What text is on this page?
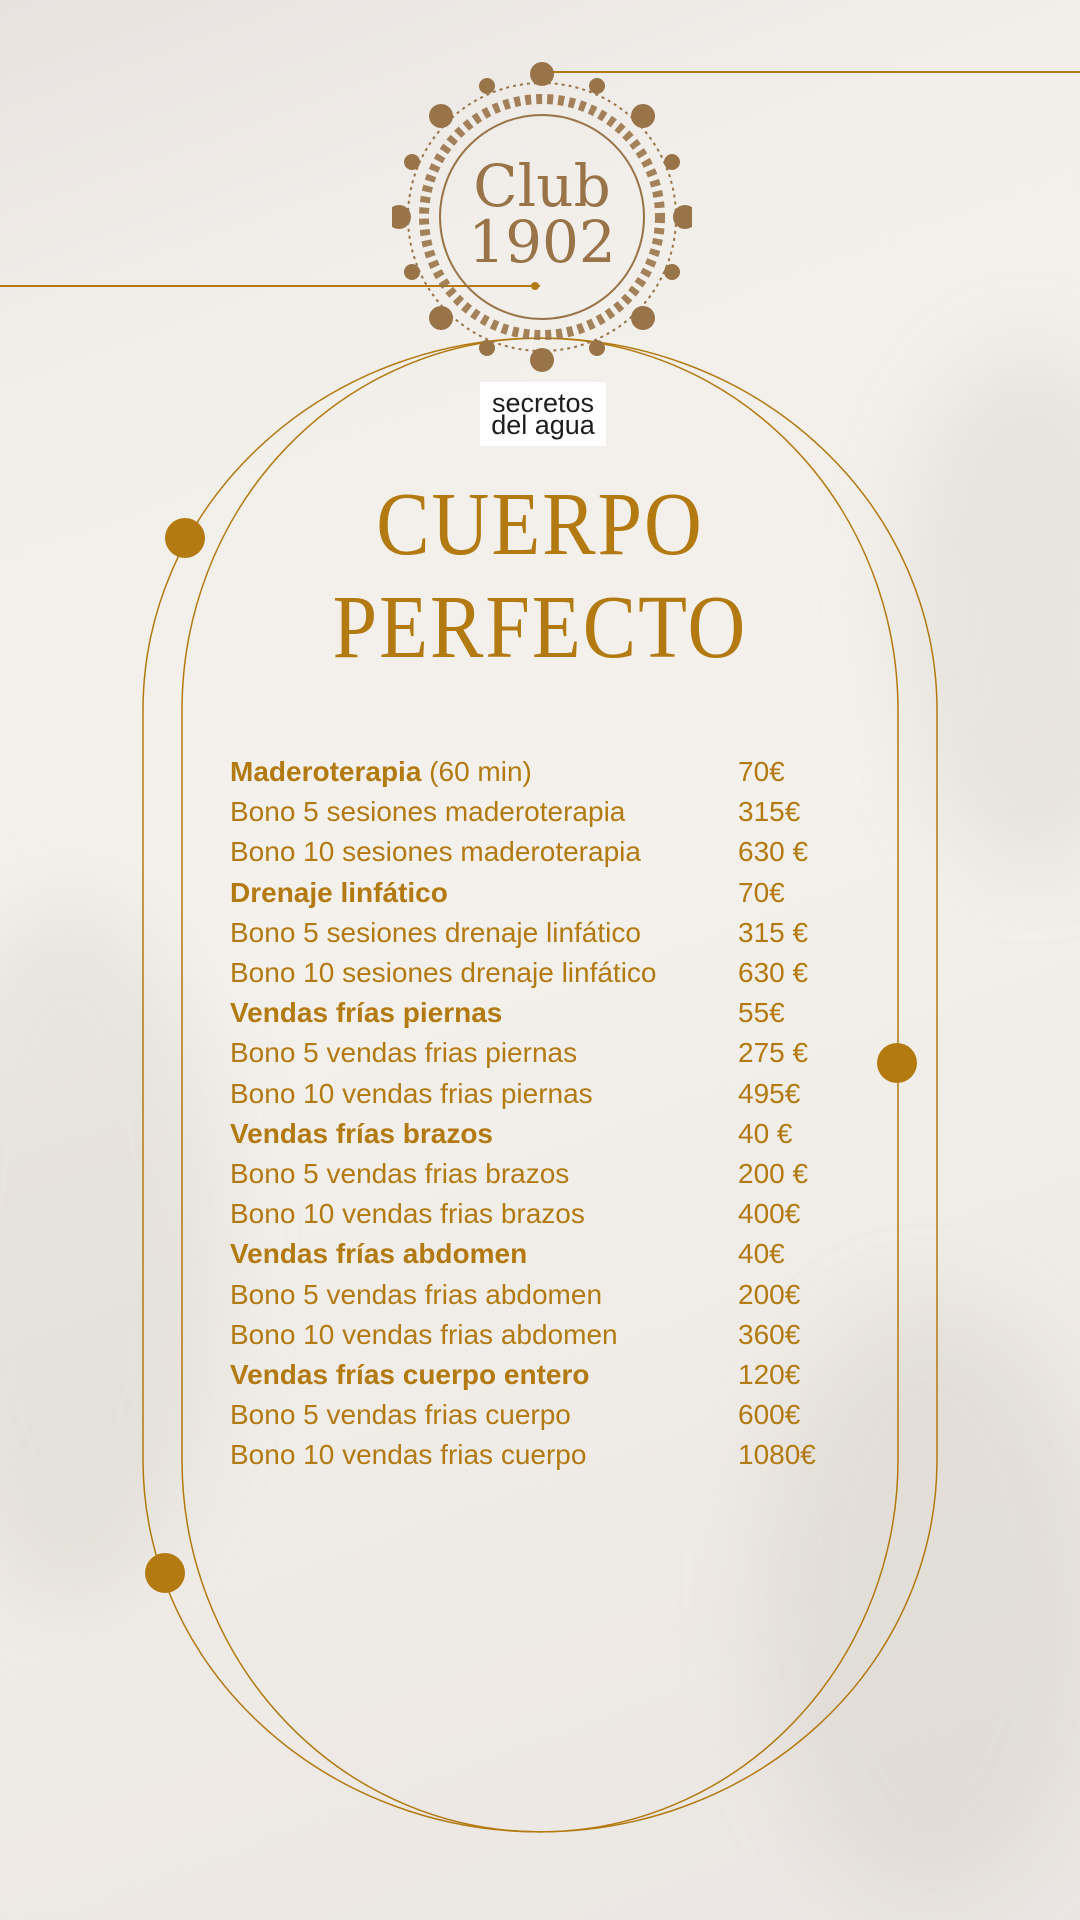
Club
1902
secretos
del agua
CUERPO
PERFECTO
Maderoterapia (60 min)	70€
Bono 5 sesiones maderoterapia	315€
Bono 10 sesiones maderoterapia	630 €
Drenaje linfático	70€
Bono 5 sesiones drenaje linfático	315 €
Bono 10 sesiones drenaje linfático	630 €
Vendas frías piernas	55€
Bono 5 vendas frias piernas	275 €
Bono 10 vendas frias piernas	495€
Vendas frías brazos	40 €
Bono 5 vendas frias brazos	200 €
Bono 10 vendas frias brazos	400€
Vendas frías abdomen	40€
Bono 5 vendas frias abdomen	200€
Bono 10 vendas frias abdomen	360€
Vendas frías cuerpo entero	120€
Bono 5 vendas frias cuerpo	600€
Bono 10 vendas frias cuerpo	1080€
